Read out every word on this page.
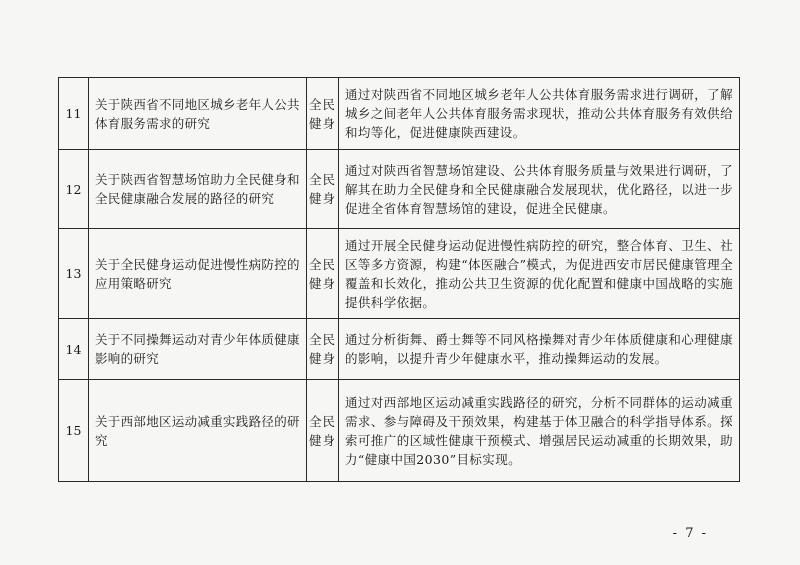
11	关于陕西省不同地区城乡老年人公共体育服务需求的研究	全民健身	通过对陕西省不同地区城乡老年人公共体育服务需求进行调研，了解城乡之间老年人公共体育服务需求现状，推动公共体育服务有效供给和均等化，促进健康陕西建设。
12	关于陕西省智慧场馆助力全民健身和全民健康融合发展的路径的研究	全民健身	通过对陕西省智慧场馆建设、公共体育服务质量与效果进行调研，了解其在助力全民健身和全民健康融合发展现状，优化路径，以进一步促进全省体育智慧场馆的建设，促进全民健康。
13	关于全民健身运动促进慢性病防控的应用策略研究	全民健身	通过开展全民健身运动促进慢性病防控的研究，整合体育、卫生、社区等多方资源，构建“体医融合”模式，为促进西安市居民健康管理全覆盖和长效化，推动公共卫生资源的优化配置和健康中国战略的实施提供科学依据。
14	关于不同操舞运动对青少年体质健康影响的研究	全民健身	通过分析街舞、爵士舞等不同风格操舞对青少年体质健康和心理健康的影响，以提升青少年健康水平，推动操舞运动的发展。
15	关于西部地区运动减重实践路径的研究	全民健身	通过对西部地区运动减重实践路径的研究，分析不同群体的运动减重需求、参与障碍及干预效果，构建基于体卫融合的科学指导体系。探索可推广的区域性健康干预模式、增强居民运动减重的长期效果，助力“健康中国2030”目标实现。
- 7 -
